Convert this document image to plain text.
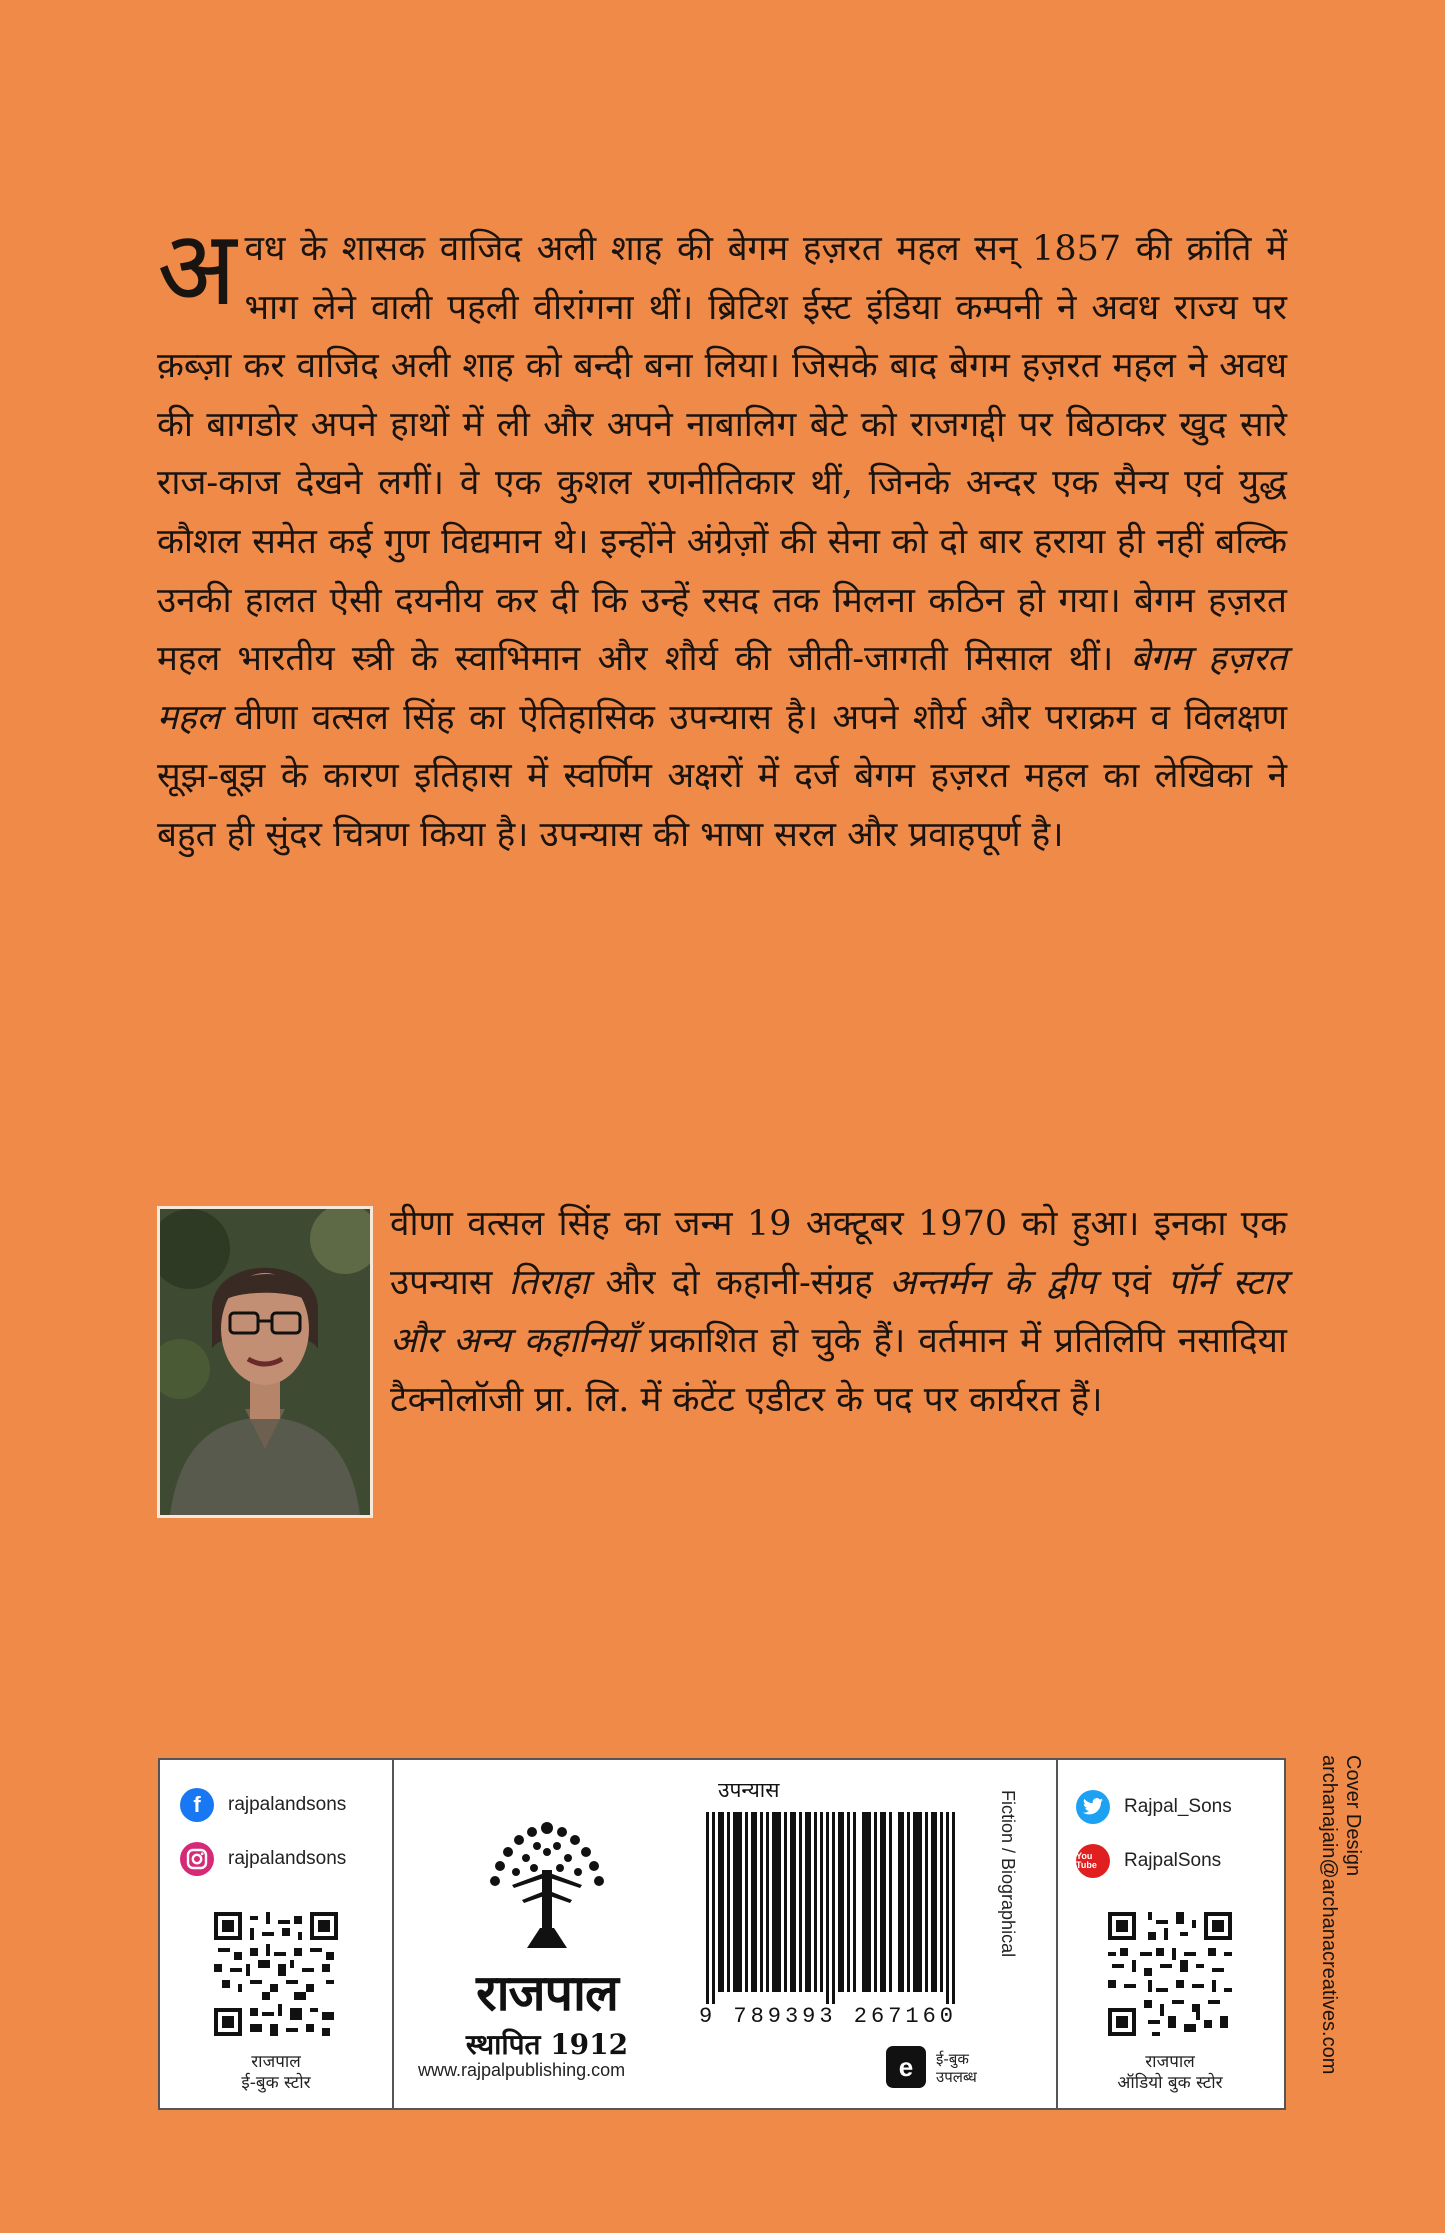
अवध के शासक वाजिद अली शाह की बेगम हज़रत महल सन् 1857 की क्रांति में भाग लेने वाली पहली वीरांगना थीं। ब्रिटिश ईस्ट इंडिया कम्पनी ने अवध राज्य पर क़ब्ज़ा कर वाजिद अली शाह को बन्दी बना लिया। जिसके बाद बेगम हज़रत महल ने अवध की बागडोर अपने हाथों में ली और अपने नाबालिग बेटे को राजगद्दी पर बिठाकर खुद सारे राज-काज देखने लगीं। वे एक कुशल रणनीतिकार थीं, जिनके अन्दर एक सैन्य एवं युद्ध कौशल समेत कई गुण विद्यमान थे। इन्होंने अंग्रेज़ों की सेना को दो बार हराया ही नहीं बल्कि उनकी हालत ऐसी दयनीय कर दी कि उन्हें रसद तक मिलना कठिन हो गया। बेगम हज़रत महल भारतीय स्त्री के स्वाभिमान और शौर्य की जीती-जागती मिसाल थीं। बेगम हज़रत महल वीणा वत्सल सिंह का ऐतिहासिक उपन्यास है। अपने शौर्य और पराक्रम व विलक्षण सूझ-बूझ के कारण इतिहास में स्वर्णिम अक्षरों में दर्ज बेगम हज़रत महल का लेखिका ने बहुत ही सुंदर चित्रण किया है। उपन्यास की भाषा सरल और प्रवाहपूर्ण है।
वीणा वत्सल सिंह का जन्म 19 अक्टूबर 1970 को हुआ। इनका एक उपन्यास तिराहा और दो कहानी-संग्रह अन्तर्मन के द्वीप एवं पॉर्न स्टार और अन्य कहानियाँ प्रकाशित हो चुके हैं। वर्तमान में प्रतिलिपि नसादिया टैक्नोलॉजी प्रा. लि. में कंटेंट एडीटर के पद पर कार्यरत हैं।
f	rajpalandsons
rajpalandsons
राजपाल
ई-बुक स्टोर
राजपाल
स्थापित 1912
www.rajpalpublishing.com
उपन्यास
9 789393 267160
Fiction / Biographical
e	ई-बुक
उपलब्ध
Rajpal_Sons
You Tube	RajpalSons
राजपाल
ऑडियो बुक स्टोर
Cover Design
archanajain@archanacreatives.com
